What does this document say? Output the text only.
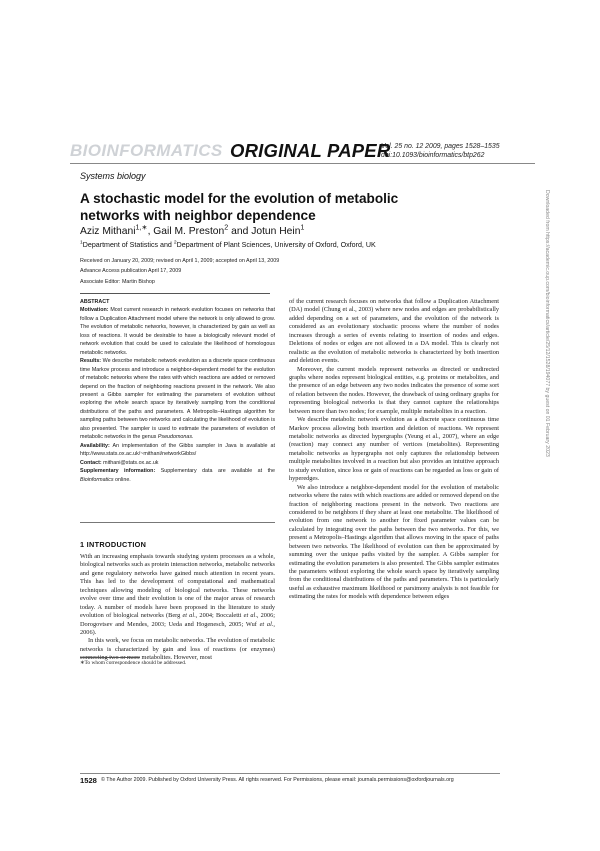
BIOINFORMATICS ORIGINAL PAPER
Vol. 25 no. 12 2009, pages 1528–1535
doi:10.1093/bioinformatics/btp262
Systems biology
A stochastic model for the evolution of metabolic networks with neighbor dependence
Aziz Mithani$^{1,∗}$, Gail M. Preston$^2$ and Jotun Hein$^1$
$^1$Department of Statistics and $^2$Department of Plant Sciences, University of Oxford, Oxford, UK
Received on January 20, 2009; revised on April 1, 2009; accepted on April 13, 2009
Advance Access publication April 17, 2009
Associate Editor: Martin Bishop

ABSTRACT

Motivation: Most current research in network evolution focuses on networks that follow a Duplication Attachment model where the network is only allowed to grow. The evolution of metabolic networks, however, is characterized by gain as well as loss of reactions. It would be desirable to have a biologically relevant model of network evolution that could be used to calculate the likelihood of homologous metabolic networks.

Results: We describe metabolic network evolution as a discrete space continuous time Markov process and introduce a neighbor-dependent model for the evolution of metabolic networks where the rates with which reactions are added or removed depend on the fraction of neighboring reactions present in the network. We also present a Gibbs sampler for estimating the parameters of evolution without exploring the whole search space by iteratively sampling from the conditional distributions of the paths and parameters. A Metropolis–Hastings algorithm for sampling paths between two networks and calculating the likelihood of evolution is also presented. The sampler is used to estimate the parameters of evolution of metabolic networks in the genus Pseudomonas.

Availability: An implementation of the Gibbs sampler in Java is available at http://www.stats.ox.ac.uk/~mithani/networkGibbs/

Contact: mithani@stats.ox.ac.uk

Supplementary information: Supplementary data are available at the Bioinformatics online.

1 INTRODUCTION

With an increasing emphasis towards studying system processes as a whole, biological networks such as protein interaction networks, metabolic networks and gene regulatory networks have gained much attention in recent years. This has led to the development of computational and mathematical techniques allowing modeling of biological networks. These networks evolve over time and their evolution is one of the major areas of research today. A number of models have been proposed in the literature to study evolution of biological networks (Berg et al., 2004; Boccaletti et al., 2006; Dorogovtsev and Mendes, 2003; Ueda and Hogenesch, 2005; Wuf et al., 2006).

In this work, we focus on metabolic networks. The evolution of metabolic networks is characterized by gain and loss of reactions (or enzymes) connecting two or more metabolites. However, most

∗To whom correspondence should be addressed.

of the current research focuses on networks that follow a Duplication Attachment (DA) model (Chung et al., 2003) where new nodes and edges are probabilistically added depending on a set of parameters, and the evolution of the network is considered as an evolutionary stochastic process where the number of nodes increases through a series of events relating to insertion of nodes and edges. Deletions of nodes or edges are not allowed in a DA model. This is clearly not realistic as the evolution of metabolic networks is characterized by both insertion and deletion events.

Moreover, the current models represent networks as directed or undirected graphs where nodes represent biological entities, e.g. proteins or metabolites, and the presence of an edge between any two nodes indicates the presence of some sort of relation between the nodes. However, the drawback of using ordinary graphs for representing biological networks is that they cannot capture the relationships between more than two nodes; for example, multiple metabolites in a reaction.

We describe metabolic network evolution as a discrete space continuous time Markov process allowing both insertion and deletion of reactions. We represent metabolic networks as directed hypergraphs (Yeung et al., 2007), where an edge (reaction) may connect any number of vertices (metabolites). Representing metabolic networks as hypergraphs not only captures the relationship between multiple metabolites involved in a reaction but also provides an intuitive approach to study evolution, since loss or gain of reactions can be regarded as loss or gain of hyperedges.

We also introduce a neighbor-dependent model for the evolution of metabolic networks where the rates with which reactions are added or removed depend on the fraction of neighboring reactions present in the network. Two reactions are considered to be neighbors if they share at least one metabolite. The likelihood of evolution from one network to another for fixed parameter values can be calculated by integrating over the paths between the two networks. For this, we present a Metropolis–Hastings algorithm that allows moving in the space of paths between two networks. The likelihood of evolution can then be approximated by summing over the unique paths visited by the sampler. A Gibbs sampler for estimating the evolution parameters is also presented. The Gibbs sampler estimates the parameters without exploring the whole search space by iteratively sampling from the conditional distributions of the paths and parameters. This is particularly useful as exhaustive maximum likelihood or parsimony analysis is not feasible for estimating the rates for models with dependence between edges

1528 © The Author 2009. Published by Oxford University Press. All rights reserved. For Permissions, please email: journals.permissions@oxfordjournals.org
Downloaded from https://academic.oup.com/bioinformatics/article/25/12/1528/194077 by guest on 01 February 2023
